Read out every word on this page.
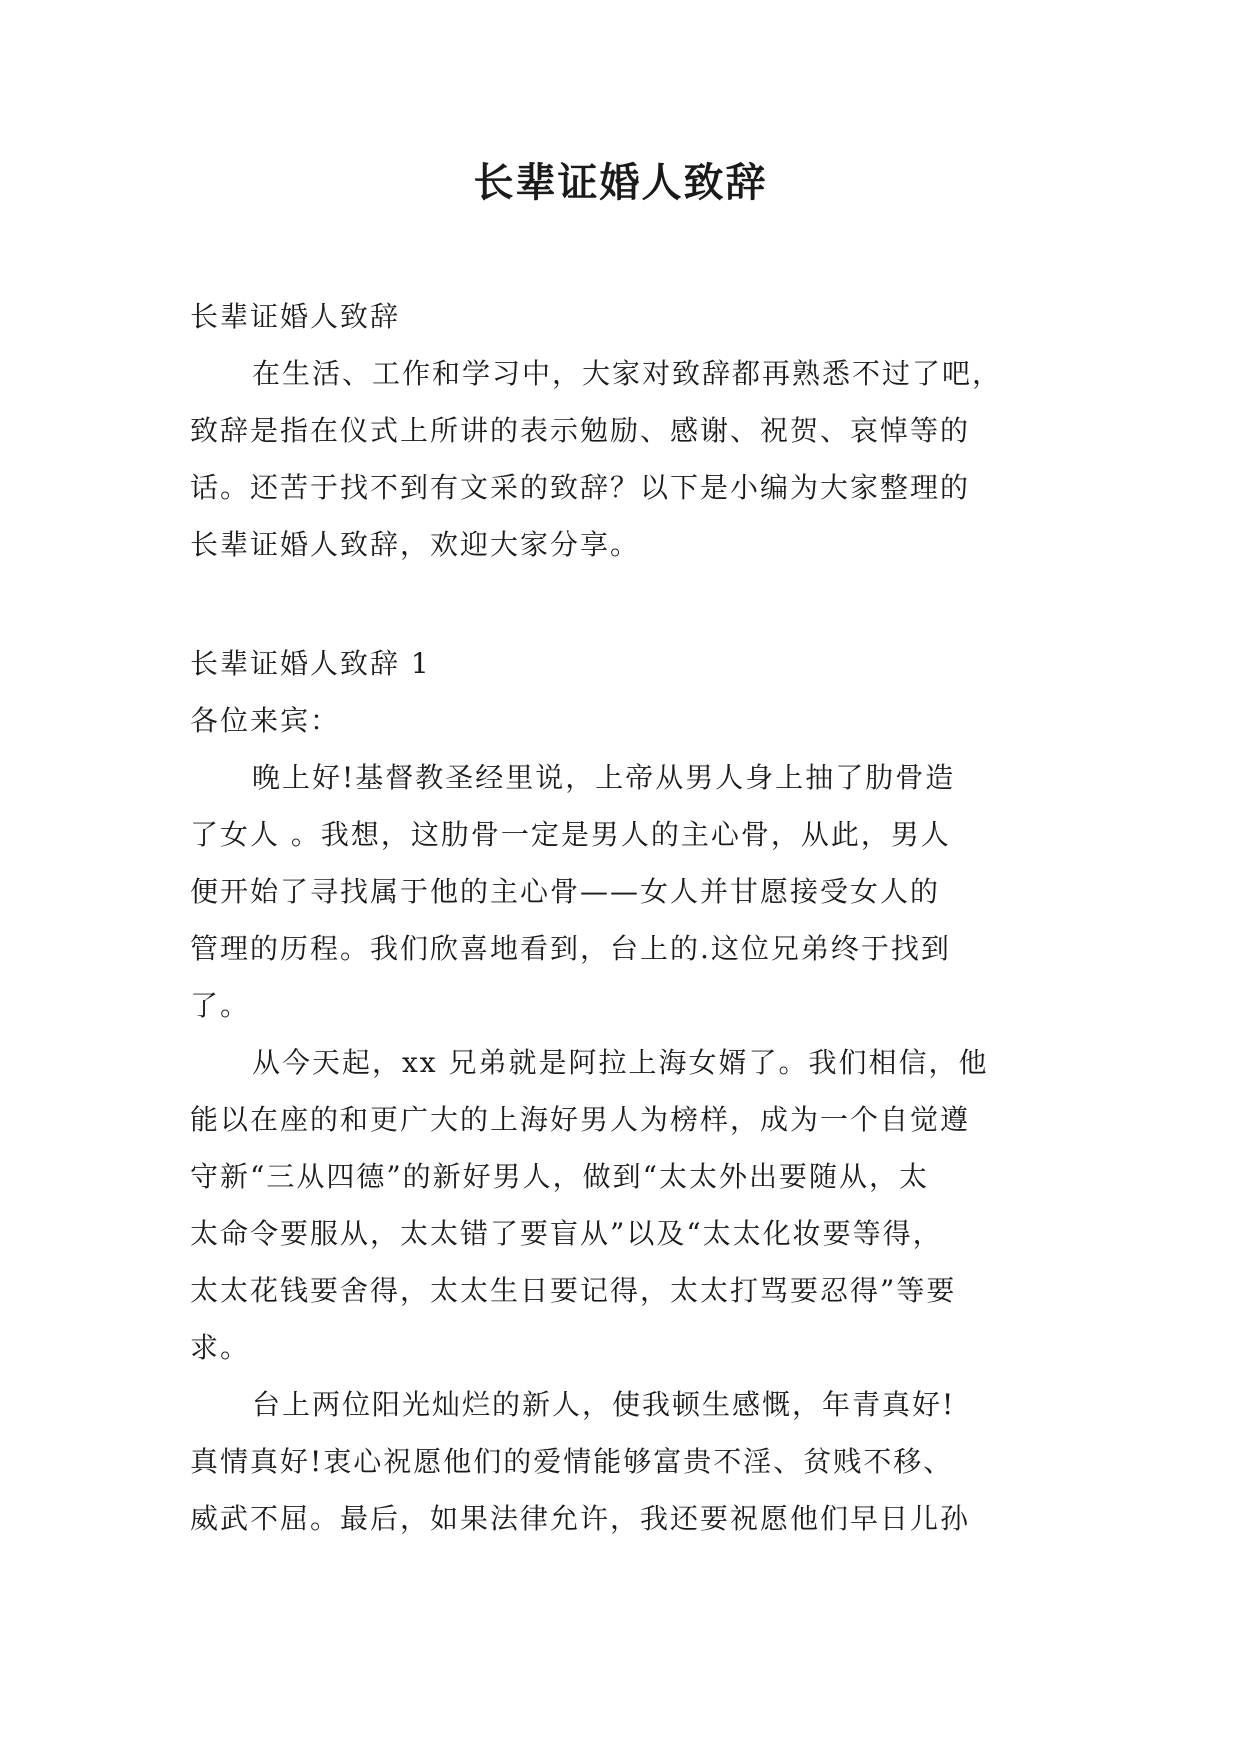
长辈证婚人致辞

长辈证婚人致辞

在生活、工作和学习中，大家对致辞都再熟悉不过了吧，
致辞是指在仪式上所讲的表示勉励、感谢、祝贺、哀悼等的
话。还苦于找不到有文采的致辞？以下是小编为大家整理的
长辈证婚人致辞，欢迎大家分享。

长辈证婚人致辞 1

各位来宾：

晚上好!基督教圣经里说，上帝从男人身上抽了肋骨造
了女人 。我想，这肋骨一定是男人的主心骨，从此，男人
便开始了寻找属于他的主心骨——女人并甘愿接受女人的
管理的历程。我们欣喜地看到，台上的.这位兄弟终于找到
了。

从今天起，xx 兄弟就是阿拉上海女婿了。我们相信，他
能以在座的和更广大的上海好男人为榜样，成为一个自觉遵
守新“三从四德”的新好男人，做到“太太外出要随从，太
太命令要服从，太太错了要盲从”以及“太太化妆要等得，
太太花钱要舍得，太太生日要记得，太太打骂要忍得”等要
求。

台上两位阳光灿烂的新人，使我顿生感慨，年青真好!
真情真好!衷心祝愿他们的爱情能够富贵不淫、贫贱不移、
威武不屈。最后，如果法律允许，我还要祝愿他们早日儿孙
